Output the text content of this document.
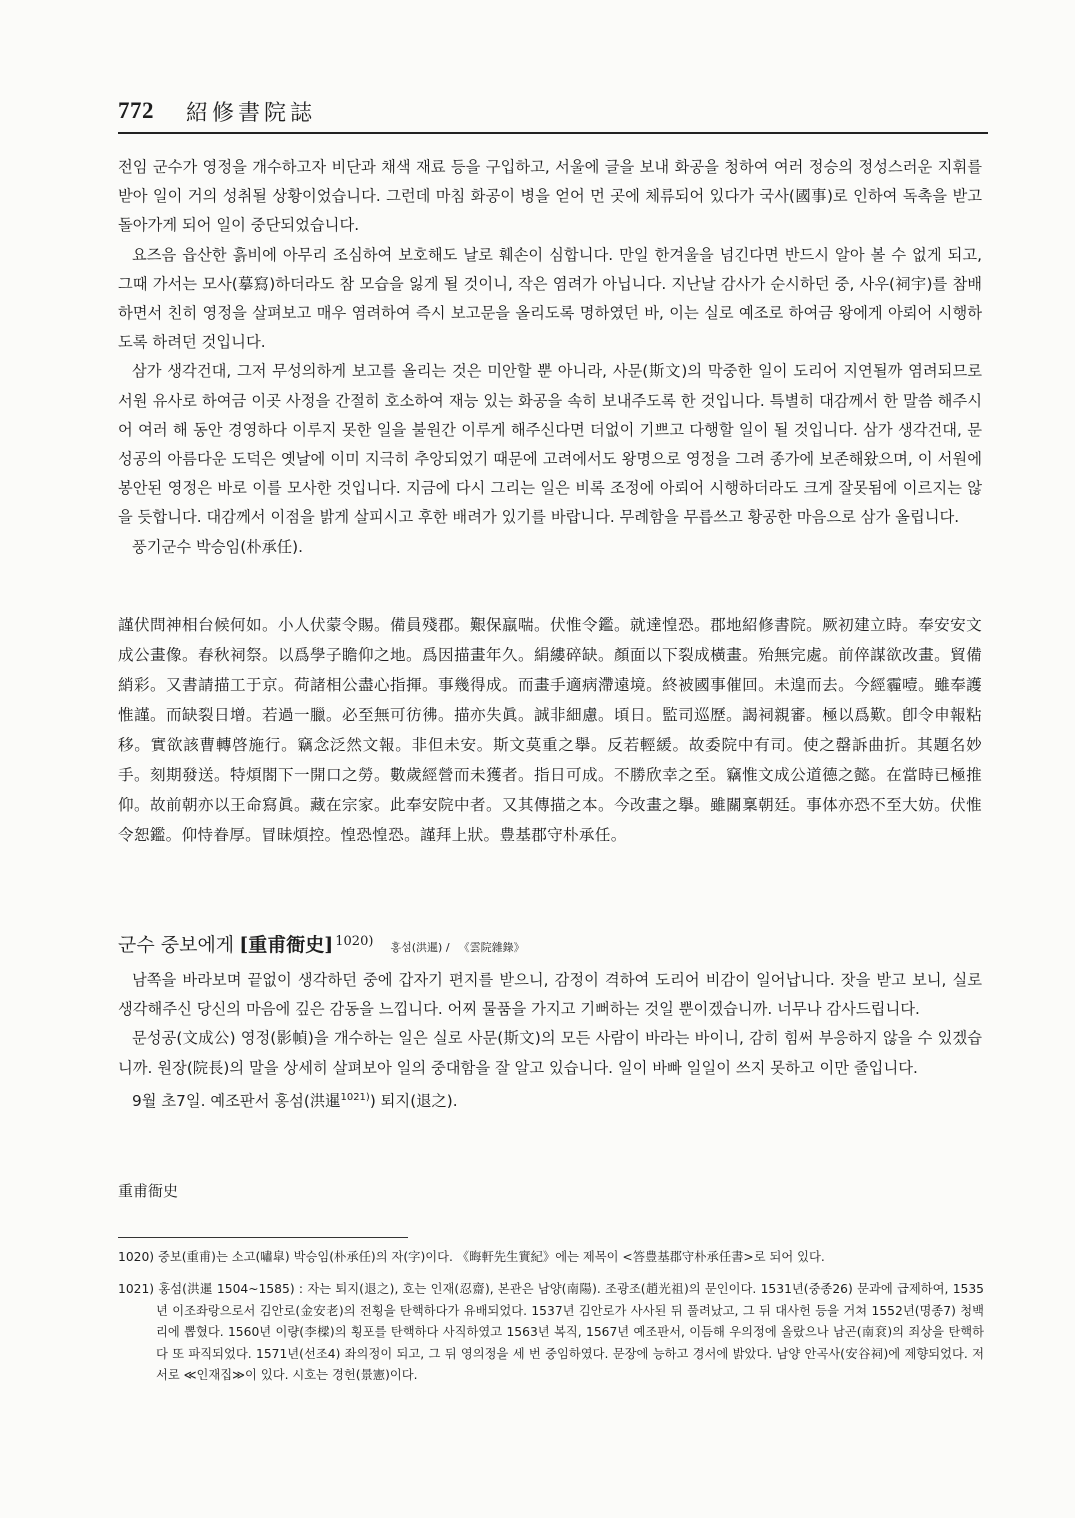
772 紹修書院誌

전임 군수가 영정을 개수하고자 비단과 채색 재료 등을 구입하고, 서울에 글을 보내 화공을 청하여 여러 정승의 정성스러운 지휘를 받아 일이 거의 성취될 상황이었습니다. 그런데 마침 화공이 병을 얻어 먼 곳에 체류되어 있다가 국사(國事)로 인하여 독촉을 받고 돌아가게 되어 일이 중단되었습니다.

요즈음 읍산한 흙비에 아무리 조심하여 보호해도 날로 훼손이 심합니다. 만일 한겨울을 넘긴다면 반드시 알아 볼 수 없게 되고, 그때 가서는 모사(摹寫)하더라도 참 모습을 잃게 될 것이니, 작은 염려가 아닙니다. 지난날 감사가 순시하던 중, 사우(祠宇)를 참배하면서 친히 영정을 살펴보고 매우 염려하여 즉시 보고문을 올리도록 명하였던 바, 이는 실로 예조로 하여금 왕에게 아뢰어 시행하도록 하려던 것입니다.

삼가 생각건대, 그저 무성의하게 보고를 올리는 것은 미안할 뿐 아니라, 사문(斯文)의 막중한 일이 도리어 지연될까 염려되므로 서원 유사로 하여금 이곳 사정을 간절히 호소하여 재능 있는 화공을 속히 보내주도록 한 것입니다. 특별히 대감께서 한 말씀 해주시어 여러 해 동안 경영하다 이루지 못한 일을 불원간 이루게 해주신다면 더없이 기쁘고 다행할 일이 될 것입니다. 삼가 생각건대, 문성공의 아름다운 도덕은 옛날에 이미 지극히 추앙되었기 때문에 고려에서도 왕명으로 영정을 그려 종가에 보존해왔으며, 이 서원에 봉안된 영정은 바로 이를 모사한 것입니다. 지금에 다시 그리는 일은 비록 조정에 아뢰어 시행하더라도 크게 잘못됨에 이르지는 않을 듯합니다. 대감께서 이점을 밝게 살피시고 후한 배려가 있기를 바랍니다. 무례함을 무릅쓰고 황공한 마음으로 삼가 올립니다.

풍기군수 박승임(朴承任).

謹伏問神相台候何如。小人伏蒙令賜。備員殘郡。艱保羸喘。伏惟令鑑。就達惶恐。郡地紹修書院。厥初建立時。奉安安文成公畫像。春秋祠祭。以爲學子瞻仰之地。爲因描畫年久。絹縷碎缺。顏面以下裂成橫畫。殆無完處。前倅謀欲改畫。貿備綃彩。又書請描工于京。荷諸相公盡心指揮。事幾得成。而畫手適病滯遠境。終被國事催回。未遑而去。今經霾噎。雖奉護惟謹。而缺裂日增。若過一臘。必至無可彷彿。描亦失眞。誠非細慮。頃日。監司巡歷。謁祠親審。極以爲歎。卽令申報粘移。實欲該曹轉啓施行。竊念泛然文報。非但未安。斯文莫重之擧。反若輕緩。故委院中有司。使之罄訴曲折。其題名妙手。刻期發送。特煩閤下一開口之勞。數歲經營而未獲者。指日可成。不勝欣幸之至。竊惟文成公道德之懿。在當時已極推仰。故前朝亦以王命寫眞。藏在宗家。此奉安院中者。又其傳描之本。今改畫之擧。雖關稟朝廷。事体亦恐不至大妨。伏惟令恕鑑。仰恃眷厚。冒昧煩控。惶恐惶恐。謹拜上狀。豊基郡守朴承任。

군수 중보에게 [重甫衙史] $^{1020)}$ 홍섬(洪暹) / 《雲院雜錄》

남쪽을 바라보며 끝없이 생각하던 중에 갑자기 편지를 받으니, 감정이 격하여 도리어 비감이 일어납니다. 잣을 받고 보니, 실로 생각해주신 당신의 마음에 깊은 감동을 느낍니다. 어찌 물품을 가지고 기뻐하는 것일 뿐이겠습니까. 너무나 감사드립니다.

문성공(文成公) 영정(影幀)을 개수하는 일은 실로 사문(斯文)의 모든 사람이 바라는 바이니, 감히 힘써 부응하지 않을 수 있겠습니까. 원장(院長)의 말을 상세히 살펴보아 일의 중대함을 잘 알고 있습니다. 일이 바빠 일일이 쓰지 못하고 이만 줄입니다.

9월 초7일. 예조판서 홍섬(洪暹$^{1021)}$) 퇴지(退之).

重甫衙史
1020) 중보(重甫)는 소고(嘯皐) 박승임(朴承任)의 자(字)이다. 《晦軒先生實紀》에는 제목이 <答豊基郡守朴承任書>로 되어 있다.
1021) 홍섬(洪暹 1504~1585) : 자는 퇴지(退之), 호는 인재(忍齋), 본관은 남양(南陽). 조광조(趙光祖)의 문인이다. 1531년(중종26) 문과에 급제하여, 1535년 이조좌랑으로서 김안로(金安老)의 전횡을 탄핵하다가 유배되었다. 1537년 김안로가 사사된 뒤 풀려났고, 그 뒤 대사헌 등을 거쳐 1552년(명종7) 청백리에 뽑혔다. 1560년 이량(李樑)의 횡포를 탄핵하다 사직하였고 1563년 복직, 1567년 예조판서, 이듬해 우의정에 올랐으나 남곤(南袞)의 죄상을 탄핵하다 또 파직되었다. 1571년(선조4) 좌의정이 되고, 그 뒤 영의정을 세 번 중임하였다. 문장에 능하고 경서에 밝았다. 남양 안곡사(安谷祠)에 제향되었다. 저서로 ≪인재집≫이 있다. 시호는 경헌(景憲)이다.
